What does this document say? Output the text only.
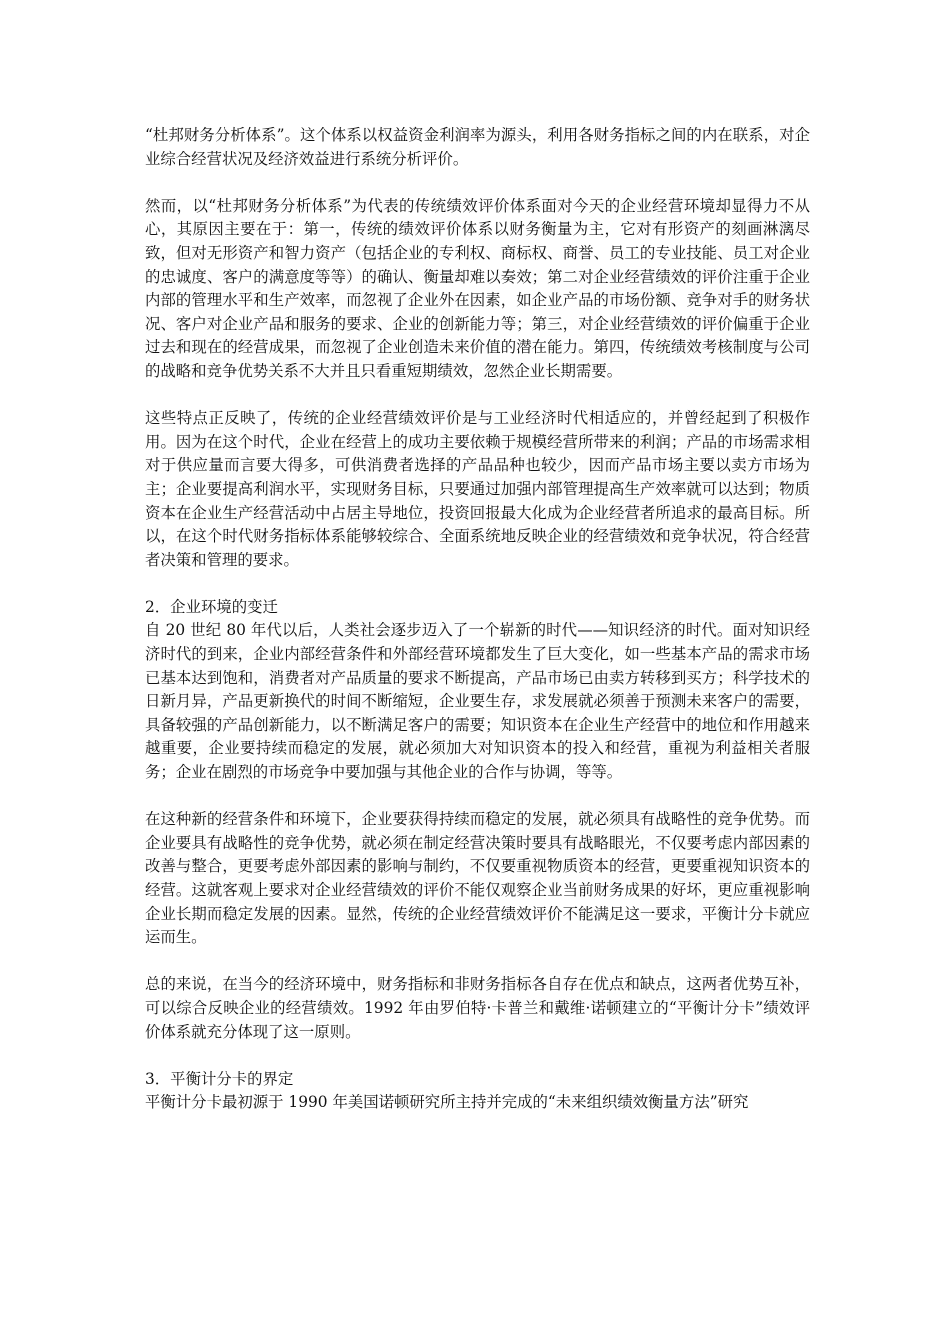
“杜邦财务分析体系”。这个体系以权益资金利润率为源头，利用各财务指标之间的内在联系，对企业综合经营状况及经济效益进行系统分析评价。

然而，以“杜邦财务分析体系”为代表的传统绩效评价体系面对今天的企业经营环境却显得力不从心，其原因主要在于：第一，传统的绩效评价体系以财务衡量为主，它对有形资产的刻画淋漓尽致，但对无形资产和智力资产（包括企业的专利权、商标权、商誉、员工的专业技能、员工对企业的忠诚度、客户的满意度等等）的确认、衡量却难以奏效；第二对企业经营绩效的评价注重于企业内部的管理水平和生产效率，而忽视了企业外在因素，如企业产品的市场份额、竞争对手的财务状况、客户对企业产品和服务的要求、企业的创新能力等；第三，对企业经营绩效的评价偏重于企业过去和现在的经营成果，而忽视了企业创造未来价值的潜在能力。第四，传统绩效考核制度与公司的战略和竞争优势关系不大并且只看重短期绩效，忽然企业长期需要。

这些特点正反映了，传统的企业经营绩效评价是与工业经济时代相适应的，并曾经起到了积极作用。因为在这个时代，企业在经营上的成功主要依赖于规模经营所带来的利润；产品的市场需求相对于供应量而言要大得多，可供消费者选择的产品品种也较少，因而产品市场主要以卖方市场为主；企业要提高利润水平，实现财务目标，只要通过加强内部管理提高生产效率就可以达到；物质资本在企业生产经营活动中占居主导地位，投资回报最大化成为企业经营者所追求的最高目标。所以，在这个时代财务指标体系能够较综合、全面系统地反映企业的经营绩效和竞争状况，符合经营者决策和管理的要求。

2．企业环境的变迁

自 20 世纪 80 年代以后，人类社会逐步迈入了一个崭新的时代——知识经济的时代。面对知识经济时代的到来，企业内部经营条件和外部经营环境都发生了巨大变化，如一些基本产品的需求市场已基本达到饱和，消费者对产品质量的要求不断提高，产品市场已由卖方转移到买方；科学技术的日新月异，产品更新换代的时间不断缩短，企业要生存，求发展就必须善于预测未来客户的需要，具备较强的产品创新能力，以不断满足客户的需要；知识资本在企业生产经营中的地位和作用越来越重要，企业要持续而稳定的发展，就必须加大对知识资本的投入和经营，重视为利益相关者服务；企业在剧烈的市场竞争中要加强与其他企业的合作与协调，等等。

在这种新的经营条件和环境下，企业要获得持续而稳定的发展，就必须具有战略性的竞争优势。而企业要具有战略性的竞争优势，就必须在制定经营决策时要具有战略眼光，不仅要考虑内部因素的改善与整合，更要考虑外部因素的影响与制约，不仅要重视物质资本的经营，更要重视知识资本的经营。这就客观上要求对企业经营绩效的评价不能仅观察企业当前财务成果的好坏，更应重视影响企业长期而稳定发展的因素。显然，传统的企业经营绩效评价不能满足这一要求，平衡计分卡就应运而生。

总的来说，在当今的经济环境中，财务指标和非财务指标各自存在优点和缺点，这两者优势互补，可以综合反映企业的经营绩效。1992 年由罗伯特·卡普兰和戴维·诺顿建立的“平衡计分卡”绩效评价体系就充分体现了这一原则。

3．平衡计分卡的界定

平衡计分卡最初源于 1990 年美国诺顿研究所主持并完成的“未来组织绩效衡量方法”研究
